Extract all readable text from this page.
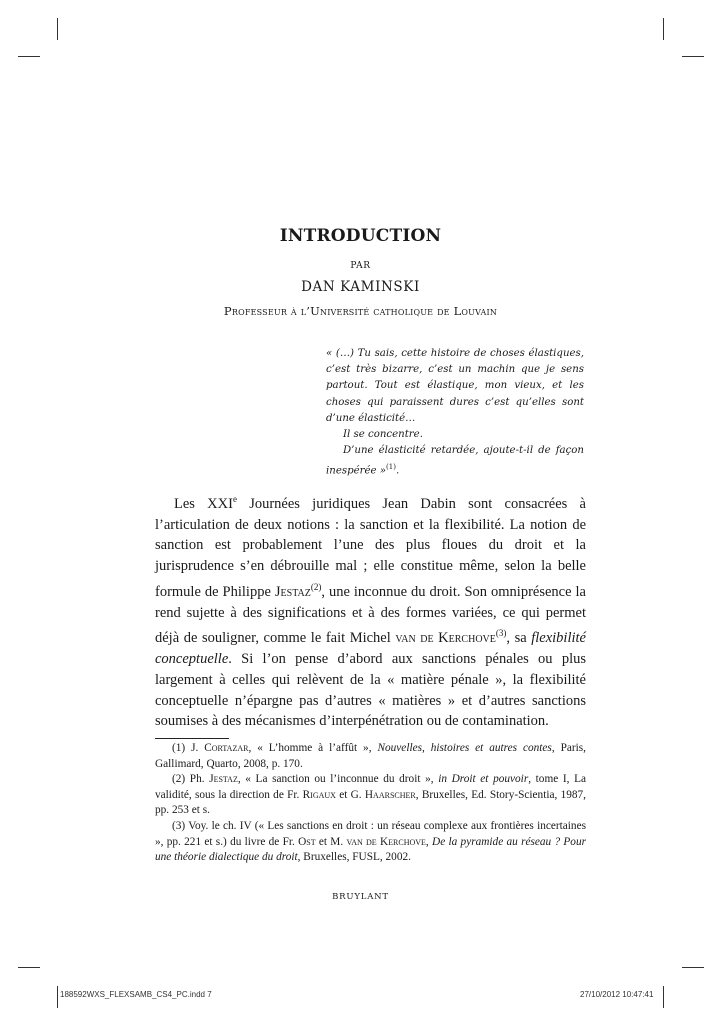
INTRODUCTION
PAR
DAN KAMINSKI
Professeur à l’Université catholique de Louvain

« (…) Tu sais, cette histoire de choses élastiques, c’est très bizarre, c’est un machin que je sens partout. Tout est élastique, mon vieux, et les choses qui paraissent dures c’est qu’elles sont d’une élasticité…

Il se concentre.

D’une élasticité retardée, ajoute-t-il de façon inespérée »$^{(1)}$.

Les XXIe Journées juridiques Jean Dabin sont consacrées à l’articulation de deux notions : la sanction et la flexibilité. La notion de sanction est probablement l’une des plus floues du droit et la jurisprudence s’en débrouille mal ; elle constitue même, selon la belle formule de Philippe Jestaz$^{(2)}$, une inconnue du droit. Son omniprésence la rend sujette à des significations et à des formes variées, ce qui permet déjà de souligner, comme le fait Michel van de Kerchove$^{(3)}$, sa flexibilité conceptuelle. Si l’on pense d’abord aux sanctions pénales ou plus largement à celles qui relèvent de la « matière pénale », la flexibilité conceptuelle n’épargne pas d’autres « matières » et d’autres sanctions soumises à des mécanismes d’interpénétration ou de contamination.

(1) J. Cortazar, « L’homme à l’affût », Nouvelles, histoires et autres contes, Paris, Gallimard, Quarto, 2008, p. 170.

(2) Ph. Jestaz, « La sanction ou l’inconnue du droit », in Droit et pouvoir, tome I, La validité, sous la direction de Fr. Rigaux et G. Haarscher, Bruxelles, Ed. Story-Scientia, 1987, pp. 253 et s.

(3) Voy. le ch. IV (« Les sanctions en droit : un réseau complexe aux frontières incertaines », pp. 221 et s.) du livre de Fr. Ost et M. van de Kerchove, De la pyramide au réseau ? Pour une théorie dialectique du droit, Bruxelles, FUSL, 2002.

BRUYLANT
188592WXS_FLEXSAMB_CS4_PC.indd 7	27/10/2012 10:47:41
